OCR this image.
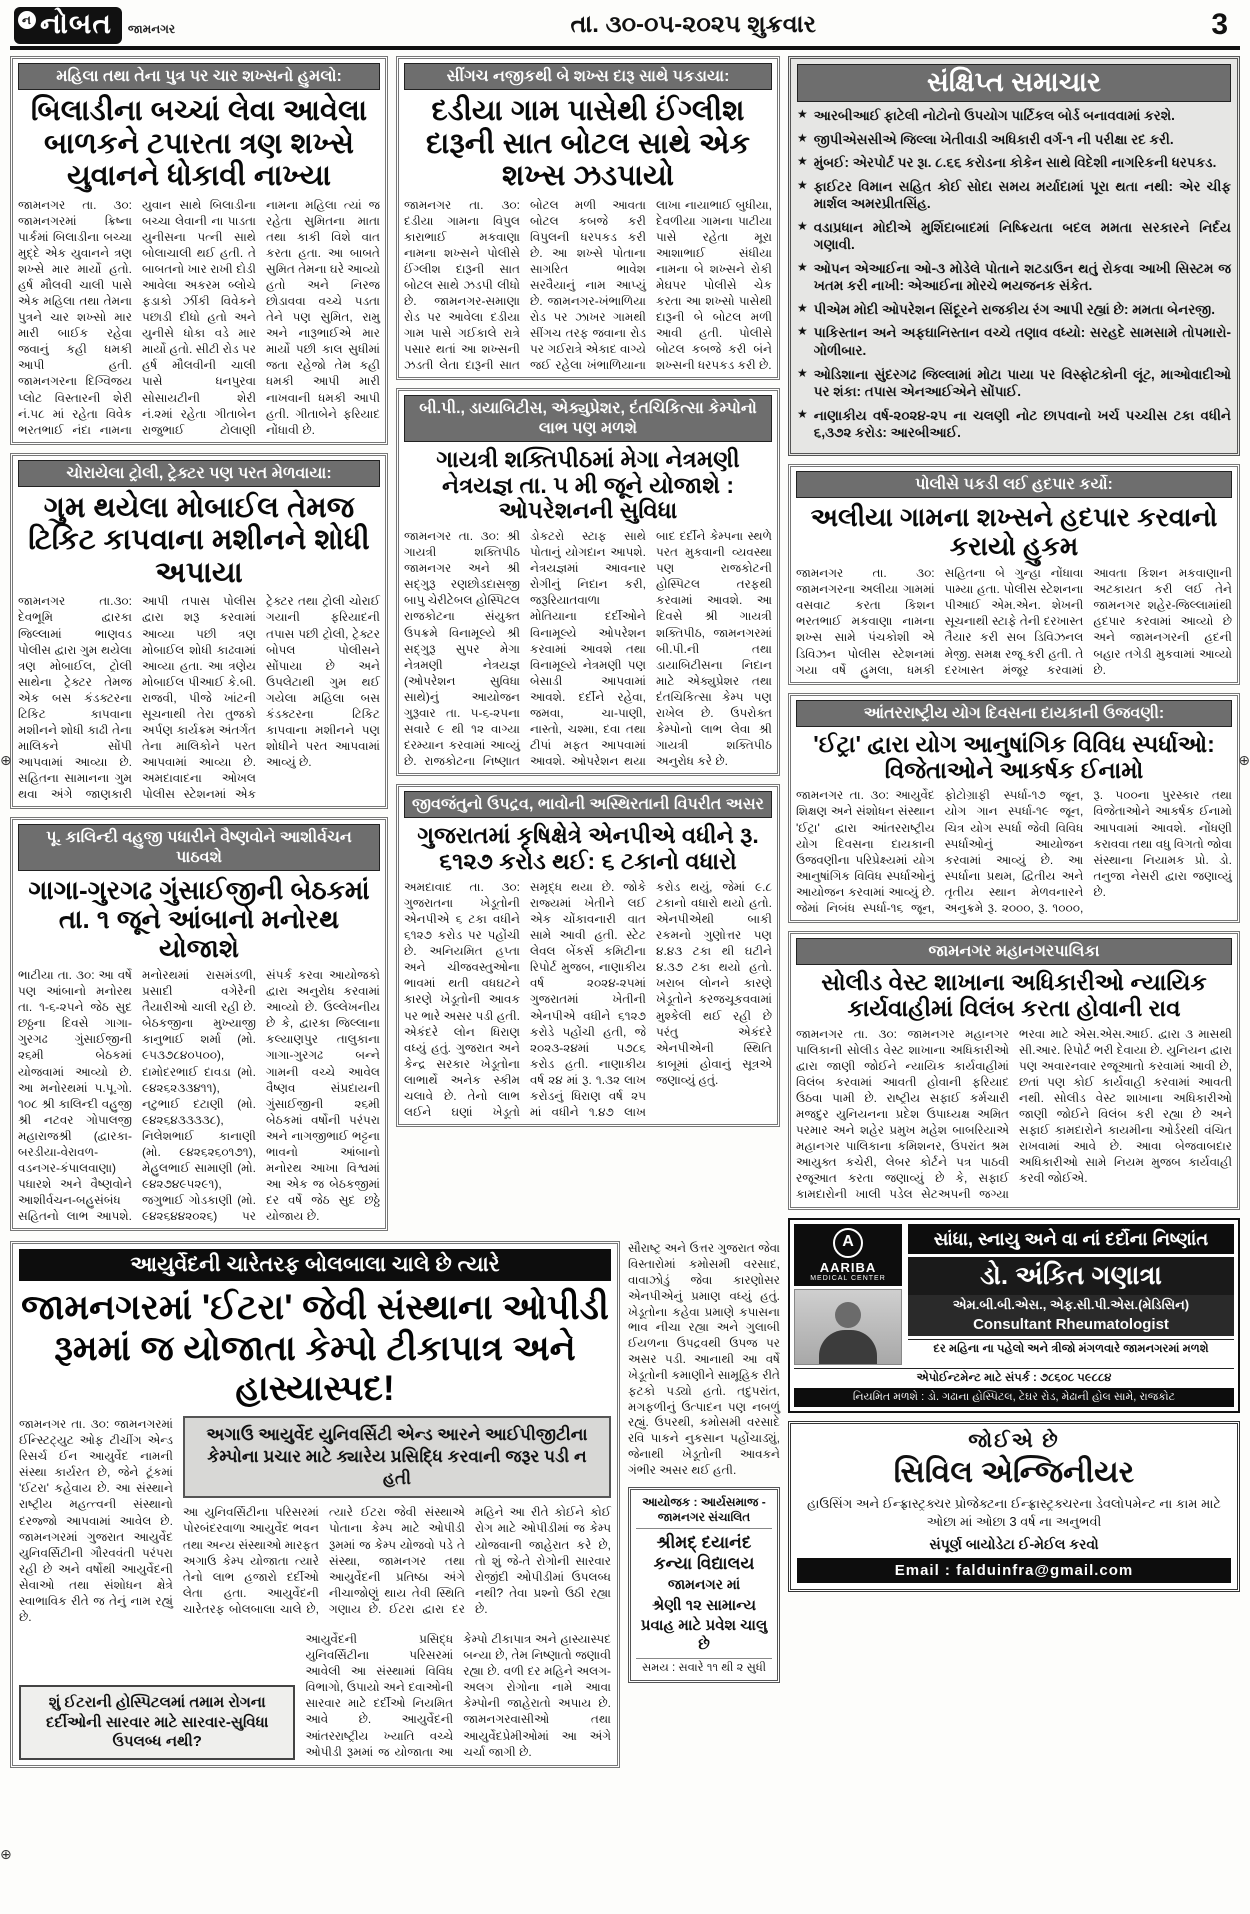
⊕	⊕
⊕
ન નોબત	જામનગર	તા. ૩૦-૦૫-૨૦૨૫ શુક્રવાર	3
મહિલા તથા તેના પુત્ર પર ચાર શખ્સનો હુમલો:
બિલાડીના બચ્ચાં લેવા આવેલા બાળકને ટપારતા ત્રણ શખ્સે યુવાનને ધોકાવી નાખ્યા
જામનગર તા. ૩૦: જામનગરમાં ક્રિષ્ના પાર્કમાં બિલાડીના બચ્ચા મુદ્દે એક યુવાનને ત્રણ શખ્સે માર માર્યો હતો. હર્ષ મૌલવી ચાલી પાસે એક મહિલા તથા તેમના પુત્રને ચાર શખ્સો માર મારી બાઈક રહેવા જવાનું કહી ધમકી આપી હતી. જામનગરના દિગ્વિજય પ્લોટ વિસ્તારની શેરી નં.૫૮ માં રહેતા વિવેક ભરતભાઈ નંદા નામના યુવાન સાથે બિલાડીના બચ્ચા લેવાની ના પાડતા યુનીસના પત્ની સાથે બોલાચાલી થઈ હતી. તે બાબતનો ખાર રાખી દોડી આવેલા અકરમ બ્લોચે ફડાકો ઝીંકી વિવેકને પછાડી દીધો હતો અને યુનીસે ધોકા વડે માર માર્યો હતો. સીટી રોડ પર હર્ષ મૌલવીની ચાલી પાસે ધનપુરવા સોસાયટીની શેરી નં.૨માં રહેતા ગીતાબેન રાજુભાઈ ટોલાણી નામના મહિલા ત્યાં જ રહેતા સુમિતના માતા તથા કાકી વિશે વાત કરતા હતા. આ બાબતે સુમિત તેમના ઘરે આવ્યો હતો અને નિરજ છોડાવવા વચ્ચે પડતા તેને પણ સુમિત, રામુ અને નારૂભાઈએ માર માર્યો પછી કાલ સુધીમાં જતા રહેજો તેમ કહી ધમકી આપી મારી નાખવાની ધમકી આપી હતી. ગીતાબેને ફરિયાદ નોંધાવી છે.
ચોરાયેલા ટ્રોલી, ટ્રેક્ટર પણ પરત મેળવાયા:
ગુમ થયેલા મોબાઈલ તેમજ ટિકિટ કાપવાના મશીનને શોધી અપાયા
જામનગર તા.૩૦: દેવભૂમિ દ્વારકા જિલ્લામાં ભાણવડ પોલીસ દ્વારા ગુમ થયેલા ત્રણ મોબાઈલ, ટ્રોલી સાથેના ટ્રેક્ટર તેમજ એક બસ કંડક્ટરના ટિકિટ કાપવાના મશીનને શોધી કાઢી તેના માલિકને સોંપી આપવામાં આવ્યા છે. સહિતના સામાનના ગુમ થવા અંગે જાણકારી આપી તપાસ પોલીસ દ્વારા શરૂ કરવામાં આવ્યા પછી ત્રણ મોબાઈલ શોધી કાઢવામાં આવ્યા હતા. આ ત્રણેય મોબાઈલ પીઆઈ કે.બી. રાજવી, પીજે ખાંટની સૂચનાથી તેરા તુજકો અર્પણ કાર્યક્રમ અંતર્ગત તેના માલિકોને પરત આપવામાં આવ્યા છે. અમદાવાદના ઓખલ પોલીસ સ્ટેશનમાં એક ટ્રેક્ટર તથા ટ્રોલી ચોરાઈ ગયાની ફરિયાદની તપાસ પછી ટ્રોલી, ટ્રેક્ટર બોપલ પોલીસને સોંપાયા છે અને ઉપલેટાથી ગુમ થઈ ગયેલા મહિલા બસ કંડક્ટરના ટિકિટ કાપવાના મશીનને પણ શોધીને પરત આપવામાં આવ્યું છે.
પૂ. કાલિન્દી વહુજી પધારીને વૈષ્ણવોને આશીર્વચન પાઠવશે
ગાગા-ગુરગઢ ગુંસાઈજીની બેઠકમાં તા. ૧ જૂને આંબાનો મનોરથ યોજાશે
ભાટીયા તા. ૩૦: આ વર્ષે પણ આંબાનો મનોરથ તા. ૧-૬-૨૫ને જેઠ સુદ છઠ્ઠના દિવસે ગાગા-ગુરગઢ ગુંસાઈજીની ૨૬મી બેઠકમાં યોજવામાં આવ્યો છે. આ મનોરથમાં પ.પૂ.ગો. ૧૦૮ શ્રી કાલિન્દી વહુજી શ્રી નટવર ગોપાલજી મહારાજશ્રી (દ્વારકા-બરડીયા-વેરાવળ-વડનગર-કંપાલવાણા) પધારશે અને વૈષ્ણવોને આશીર્વચન-બહુસંબંધ સહિતનો લાભ આપશે. મનોરથમાં રાસમંડળી, પ્રસાદી વગેરેની તૈયારીઓ ચાલી રહી છે. બેઠકજીના મુખ્યાજી કાનુભાઈ શર્મા (મો. ૯૫૩૭૮૪૦૫૦૦), દામોદરભાઈ દાવડા (મો. ૯૪૨૬૨૩૩૪૧૧), નટુભાઈ દટાણી (મો. ૯૪૨૬૪૩૩૩૩૮), નિલેશભાઈ કાનાણી (મો. ૯૪૨૬૨૬૦૧૭૧), મેહુલભાઈ સામાણી (મો. ૯૪૨૭૪૯૫૨૯૧), જગુભાઈ ગોડકાણી (મો. ૯૪૨૬૪૪૨૦૨૬) પર સંપર્ક કરવા આયોજકો દ્વારા અનુરોધ કરવામાં આવ્યો છે. ઉલ્લેખનીય છે કે, દ્વારકા જિલ્લાના કલ્યાણપુર તાલુકાના ગાગા-ગુરગઢ બન્ને ગામની વચ્ચે આવેલ વૈષ્ણવ સંપ્રદાયની ગુંસાઈજીની ૨૬મી બેઠકમાં વર્ષોની પરંપરા અને નાગજીભાઈ ભટ્ટના ભાવનો આંબાનો મનોરથ આખા વિશ્વમાં આ એક જ બેઠકજીમાં દર વર્ષે જેઠ સુદ છઠ્ઠે યોજાય છે.
સીંગચ નજીકથી બે શખ્સ દારૂ સાથે પકડાયા:
દડીયા ગામ પાસેથી ઈંગ્લીશ દારૂની સાત બોટલ સાથે એક શખ્સ ઝડપાયો
જામનગર તા. ૩૦: દડીયા ગામના વિપુલ કારાભાઈ મકવાણા નામના શખ્સને પોલીસે ઈંગ્લીશ દારૂની સાત બોટલ સાથે ઝડપી લીધો છે. જામનગર-સમાણા રોડ પર આવેલા દડીયા ગામ પાસે ગઈકાલે રાત્રે પસાર થતાં આ શખ્સની ઝડતી લેતા દારૂની સાત બોટલ મળી આવતા બોટલ કબજે કરી વિપુલની ધરપકડ કરી છે. આ શખ્સે પોતાના સાગરિત ભાવેશ સરવૈયાનું નામ આપ્યું છે. જામનગર-ખંભાળિયા રોડ પર ઝાખર ગામથી સીંગચ તરફ જવાના રોડ પર ગઈરાત્રે એકાદ વાગ્યે જઈ રહેલા ખંભાળિયાના લાખા નાયાભાઈ બુધીયા, દેવળીયા ગામના પાટીયા પાસે રહેતા મૂરા આશાભાઈ સંધીયા નામના બે શખ્સને રોકી મેઘપર પોલીસે ચેક કરતા આ શખ્સો પાસેથી દારૂની બે બોટલ મળી આવી હતી. પોલીસે બોટલ કબજે કરી બંને શખ્સની ધરપકડ કરી છે.
બી.પી., ડાયાબિટીસ, એક્યુપ્રેશર, દંતચિકિત્સા કેમ્પોનો લાભ પણ મળશે
ગાયત્રી શક્તિપીઠમાં મેગા નેત્રમણી નેત્રયજ્ઞ તા. ૫ મી જૂને યોજાશે : ઓપરેશનની સુવિધા
જામનગર તા. ૩૦: શ્રી ગાયત્રી શક્તિપીઠ જામનગર અને શ્રી સદ્ગુરૂ રણછોડદાસજી બાપુ ચેરીટેબલ હોસ્પિટલ રાજકોટના સંયુક્ત ઉપક્રમે વિનામૂલ્યે શ્રી સદ્ગુરૂ સુપર મેગા નેત્રમણી નેત્રયજ્ઞ (ઓપરેશન સુવિધા સાથે)નું આયોજન ગુરૂવાર તા. ૫-૬-૨૫ના સવારે ૯ થી ૧૨ વાગ્યા દરમ્યાન કરવામાં આવ્યું છે. રાજકોટના નિષ્ણાત ડોકટરો સ્ટાફ સાથે પોતાનું યોગદાન આપશે. નેત્રયજ્ઞમાં આવનાર રોગીનું નિદાન કરી, જરૂરિયાતવાળા મોતિયાના દર્દીઓને વિનામૂલ્યે ઓપરેશન કરવામાં આવશે તથા વિનામૂલ્યે નેત્રમણી પણ બેસાડી આપવામાં આવશે. દર્દીને રહેવા, જમવા, ચા-પાણી, નાસ્તો, ચશ્મા, દવા તથા ટીપાં મફત આપવામાં આવશે. ઓપરેશન થયા બાદ દર્દીને કેમ્પના સ્થળે પરત મુકવાની વ્યવસ્થા પણ રાજકોટની હોસ્પિટલ તરફથી કરવામાં આવશે. આ દિવસે શ્રી ગાયત્રી શક્તિપીઠ, જામનગરમાં બી.પી.ની તથા ડાયાબિટીસના નિદાન માટે એક્યુપ્રેશર તથા દંતચિકિત્સા કેમ્પ પણ રાખેલ છે. ઉપરોક્ત કેમ્પોનો લાભ લેવા શ્રી ગાયત્રી શક્તિપીઠ અનુરોધ કરે છે.
જીવજંતુનો ઉપદ્રવ, ભાવોની અસ્થિરતાની વિપરીત અસર
ગુજરાતમાં કૃષિક્ષેત્રે એનપીએ વધીને રૂ. ૬૧૨૭ કરોડ થઈ: ૬ ટકાનો વધારો
અમદાવાદ તા. ૩૦: ગુજરાતના ખેડૂતોની એનપીએ ૬ ટકા વધીને ૬૧૨૭ કરોડ પર પહોંચી છે. અનિયમિત હપ્તા અને ચીજવસ્તુઓના ભાવમાં થતી વધઘટને કારણે ખેડૂતોની આવક પર ભારે અસર પડી હતી. એકંદરે લોન ધિરાણ વધ્યું હતું. ગુજરાત અને કેન્દ્ર સરકાર ખેડૂતોના લાભાર્થે અનેક સ્કીમ ચલાવે છે. તેનો લાભ લઈને ઘણાં ખેડૂતો સમૃદ્ધ થયા છે. જોકે રાજ્યમાં ખેતીને લઈ એક ચોંકાવનારી વાત સામે આવી હતી. સ્ટેટ લેવલ બેંકર્સ કમિટીના રિપોર્ટ મુજબ, નાણાકીય વર્ષ ૨૦૨૪-૨૫માં ગુજરાતમાં ખેતીની એનપીએ વધીને ૬૧૨૭ કરોડે પહોંચી હતી, જે ૨૦૨૩-૨૪માં ૫૭૮૬ કરોડ હતી. નાણાકીય વર્ષ ૨૪ માં રૂ. ૧.૩૨ લાખ કરોડનું ધિરાણ વર્ષ ૨૫ માં વધીને ૧.૪૭ લાખ કરોડ થયું, જેમાં ૯.૮ ટકાનો વધારો થયો હતો. એનપીએથી બાકી રકમનો ગુણોત્તર પણ ૪.૪૩ ટકા થી ઘટીને ૪.૩૭ ટકા થયો હતો. ખરાબ લોનને કારણે ખેડૂતોને કરજચૂકવવામાં મુશ્કેલી થઈ રહી છે પરંતુ એકંદરે એનપીએની સ્થિતિ કાબૂમાં હોવાનું સૂત્રએ જણાવ્યું હતું.
આયુર્વેદની ચારેતરફ બોલબાલા ચાલે છે ત્યારે
જામનગરમાં 'ઈટરા' જેવી સંસ્થાના ઓપીડી રૂમમાં જ યોજાતા કેમ્પો ટીકાપાત્ર અને હાસ્યાસ્પદ!
જામનગર તા. ૩૦: જામનગરમાં ઈન્સ્ટિટ્યુટ ઓફ ટીચીંગ એન્ડ રિસર્ચ ઈન આયુર્વેદ નામની સંસ્થા કાર્યરત છે, જેને ટૂંકમાં 'ઈટરા' કહેવાય છે. આ સંસ્થાને રાષ્ટ્રીય મહત્ત્વની સંસ્થાનો દરજ્જો આપવામાં આવેલ છે. જામનગરમાં ગુજરાત આયુર્વેદ યુનિવર્સિટીની ગૌરવવંતી પરંપરા રહી છે અને વર્ષોથી આયુર્વેદની સેવાઓ તથા સંશોધન ક્ષેત્રે સ્વાભાવિક રીતે જ તેનું નામ રહ્યું છે.
અગાઉ આયુર્વેદ યુનિવર્સિટી એન્ડ આરને આઈપીજીટીના કેમ્પોના પ્રચાર માટે ક્યારેય પ્રસિદ્ધિ કરવાની જરૂર પડી ન હતી
આ યુનિવર્સિટીના પરિસરમાં પોરબંદરવાળા આયુર્વેદ ભવન તથા અન્ય સંસ્થાઓ મારફત અગાઉ કેમ્પ યોજાતા ત્યારે તેનો લાભ હજારો દર્દીઓ લેતા હતા. આયુર્વેદની ચારેતરફ બોલબાલા ચાલે છે, ત્યારે ઈટરા જેવી સંસ્થાએ પોતાના કેમ્પ માટે ઓપીડી રૂમમાં જ કેમ્પ યોજવો પડે તે સંસ્થા, જામનગર તથા આયુર્વેદની પ્રતિષ્ઠા અંગે નીચાજોણું થાય તેવી સ્થિતિ ગણાય છે. ઈટરા દ્વારા દર મહિને આ રીતે કોઈને કોઈ રોગ માટે ઓપીડીમાં જ કેમ્પ યોજવાની જાહેરાત કરે છે, તો શું જે-તે રોગોની સારવાર રોજીંદી ઓપીડીમાં ઉપલબ્ધ નથી? તેવા પ્રશ્નો ઉઠી રહ્યા છે.
શું ઈટરાની હોસ્પિટલમાં તમામ રોગના દર્દીઓની સારવાર માટે સારવાર-સુવિધા ઉપલબ્ધ નથી?
આયુર્વેદની પ્રસિદ્ધ યુનિવર્સિટીના પરિસરમાં આવેલી આ સંસ્થામાં વિવિધ વિભાગો, ઉપાયો અને દવાઓની સારવાર માટે દર્દીઓ નિયમિત આવે છે. આયુર્વેદની આંતરરાષ્ટ્રીય ખ્યાતિ વચ્ચે ઓપીડી રૂમમાં જ યોજાતા આ કેમ્પો ટીકાપાત્ર અને હાસ્યાસ્પદ બન્યા છે, તેમ નિષ્ણાતો જણાવી રહ્યા છે. વળી દર મહિને અલગ-અલગ રોગોના નામે આવા કેમ્પોની જાહેરાતો અપાય છે. જામનગરવાસીઓ તથા આયુર્વેદપ્રેમીઓમાં આ અંગે ચર્ચા જાગી છે.
સૌરાષ્ટ્ર અને ઉત્તર ગુજરાત જેવા વિસ્તારોમાં કમોસમી વરસાદ, વાવાઝોડું જેવા કારણોસર એનપીએનું પ્રમાણ વધ્યું હતું. ખેડૂતોના કહેવા પ્રમાણે કપાસના ભાવ નીચા રહ્યા અને ગુલાબી ઈયળના ઉપદ્રવથી ઉપજ પર અસર પડી. આનાથી આ વર્ષે ખેડૂતોની કમાણીને સામૂહિક રીતે ફટકો પડ્યો હતો. તદુપરાંત, મગફળીનું ઉત્પાદન પણ નબળું રહ્યું. ઉપરથી, કમોસમી વરસાદે રવિ પાકને નુકસાન પહોંચાડ્યું, જેનાથી ખેડૂતોની આવકને ગંભીર અસર થઈ હતી.
આયોજક : આર્યસમાજ - જામનગર સંચાલિત
શ્રીમદ્ દયાનંદ કન્યા વિદ્યાલય
જામનગર માં
શ્રેણી ૧૨ સામાન્ય પ્રવાહ માટે પ્રવેશ ચાલુ છે
સમય : સવારે ૧૧ થી ૨ સુધી
સંક્ષિપ્ત સમાચાર
★ આરબીઆઈ ફાટેલી નોટોનો ઉપયોગ પાર્ટિકલ બોર્ડ બનાવવામાં કરશે.
★ જીપીએસસીએ જિલ્લા ખેતીવાડી અધિકારી વર્ગ-૧ ની પરીક્ષા રદ કરી.
★ મુંબઈ: એરપોર્ટ પર રૂા. ૮.૬૬ કરોડના કોકેન સાથે વિદેશી નાગરિકની ધરપકડ.
★ ફાઈટર વિમાન સહિત કોઈ સોદા સમય મર્યાદામાં પૂરા થતા નથી: એર ચીફ માર્શલ અમરપ્રીતસિંહ.
★ વડાપ્રધાન મોદીએ મુર્શિદાબાદમાં નિષ્ક્રિયતા બદલ મમતા સરકારને નિર્દય ગણાવી.
★ ઓપન એઆઈના ઓ-૩ મોડેલે પોતાને શટડાઉન થતું રોકવા આખી સિસ્ટમ જ ખતમ કરી નાખી: એઆઈના મોરચે ભયજનક સંકેત.
★ પીએમ મોદી ઓપરેશન સિંદૂરને રાજકીય રંગ આપી રહ્યાં છે: મમતા બેનરજી.
★ પાકિસ્તાન અને અફઘાનિસ્તાન વચ્ચે તણાવ વધ્યો: સરહદે સામસામે તોપમારો-ગોળીબાર.
★ ઓડિશાના સુંદરગઢ જિલ્લામાં મોટા પાયા પર વિસ્ફોટકોની લૂંટ, માઓવાદીઓ પર શંકા: તપાસ એનઆઈએને સોંપાઈ.
★ નાણાકીય વર્ષ-૨૦૨૪-૨૫ ના ચલણી નોટ છાપવાનો ખર્ચ પચ્ચીસ ટકા વધીને ૬,૩૭૨ કરોડ: આરબીઆઈ.
પોલીસે પકડી લઈ હદપાર કર્યો:
અલીયા ગામના શખ્સને હદપાર કરવાનો કરાયો હુકમ
જામનગર તા. ૩૦: જામનગરના અલીયા ગામમાં વસવાટ કરતા કિશન ભરતભાઈ મકવાણા નામના શખ્સ સામે પંચકોશી એ ડિવિઝન પોલીસ સ્ટેશનમાં ગયા વર્ષે હુમલા, ધમકી સહિતના બે ગુન્હા નોંધાવા પામ્યા હતા. પોલીસ સ્ટેશનના પીઆઈ એમ.એન. શેખની સૂચનાથી સ્ટાફે તેની દરખાસ્ત તૈયાર કરી સબ ડિવિઝનલ મેજી. સમક્ષ રજૂ કરી હતી. તે દરખાસ્ત મંજૂર કરવામાં આવતા કિશન મકવાણાની અટકાયત કરી લઈ તેને જામનગર શહેર-જિલ્લામાંથી હદપાર કરવામાં આવ્યો છે અને જામનગરની હદની બહાર તગેડી મુકવામાં આવ્યો છે.
આંતરરાષ્ટ્રીય યોગ દિવસના દાયકાની ઉજવણી:
'ઈટ્રા' દ્વારા યોગ આનુષાંગિક વિવિધ સ્પર્ધાઓ: વિજેતાઓને આકર્ષક ઈનામો
જામનગર તા. ૩૦: આયુર્વેદ શિક્ષણ અને સંશોધન સંસ્થાન 'ઈટ્રા' દ્વારા આંતરરાષ્ટ્રીય યોગ દિવસના દાયકાની ઉજવણીના પરિપ્રેક્ષ્યમાં યોગ આનુષાંગિક વિવિધ સ્પર્ધાઓનું આયોજન કરવામાં આવ્યું છે. જેમાં નિબંધ સ્પર્ધા-૧૬ જૂન, ફોટોગ્રાફી સ્પર્ધા-૧૭ જૂન, યોગ ગાન સ્પર્ધા-૧૯ જૂન, ચિત્ર યોગ સ્પર્ધા જેવી વિવિધ સ્પર્ધાઓનું આયોજન કરવામાં આવ્યું છે. આ સ્પર્ધાના પ્રથમ, દ્વિતીય અને તૃતીય સ્થાન મેળવનારને અનુક્રમે રૂ. ૨૦૦૦, રૂ. ૧૦૦૦, રૂ. ૫૦૦ના પુરસ્કાર તથા વિજેતાઓને આકર્ષક ઈનામો આપવામાં આવશે. નોંધણી કરાવવા તથા વધુ વિગતો જોવા સંસ્થાના નિયામક પ્રો. ડો. તનુજા નેસરી દ્વારા જણાવ્યું છે.
જામનગર મહાનગરપાલિકા
સોલીડ વેસ્ટ શાખાના અધિકારીઓ ન્યાયિક કાર્યવાહીમાં વિલંબ કરતા હોવાની રાવ
જામનગર તા. ૩૦: જામનગર મહાનગર પાલિકાની સોલીડ વેસ્ટ શાખાના અધિકારીઓ દ્વારા જાણી જોઈને ન્યાયિક કાર્યવાહીમાં વિલંબ કરવામાં આવતી હોવાની ફરિયાદ ઉઠવા પામી છે. રાષ્ટ્રીય સફાઈ કર્મચારી મજદુર યુનિયનના પ્રદેશ ઉપાધ્યક્ષ અમિત પરમાર અને શહેર પ્રમુખ મહેશ બાબરિયાએ મહાનગર પાલિકાના કમિશનર, ઉપરાંત શ્રમ આયુક્ત કચેરી, લેબર કોર્ટને પત્ર પાઠવી રજૂઆત કરતા જણાવ્યું છે કે, સફાઈ કામદારોની ખાલી પડેલ સેટઅપની જગ્યા ભરવા માટે એસ.એસ.આઈ. દ્વારા ૩ માસથી સી.આર. રિપોર્ટ ભરી દેવાયા છે. યુનિયન દ્વારા પણ અવારનવાર રજૂઆતો કરવામાં આવી છે, છતાં પણ કોઈ કાર્યવાહી કરવામાં આવતી નથી. સોલીડ વેસ્ટ શાખાના અધિકારીઓ જાણી જોઈને વિલંબ કરી રહ્યા છે અને સફાઈ કામદારોને કાયમીના ઓર્ડરથી વંચિત રાખવામાં આવે છે. આવા બેજવાબદાર અધિકારીઓ સામે નિયમ મુજબ કાર્યવાહી કરવી જોઈએ.
A
AARIBA
MEDICAL CENTER
સાંધા, સ્નાયુ અને વા નાં દર્દોના નિષ્ણાંત
ડો. અંકિત ગણાત્રા
એમ.બી.બી.એસ., એફ.સી.પી.એસ.(મેડિસિન)
Consultant Rheumatologist
દર મહિના ના પહેલો અને ત્રીજો મંગળવારે જામનગરમાં મળશે
એપોઈન્ટમેન્ટ માટે સંપર્ક : ૭૮૬૦૮ ૫૯૮૮૪
નિયમિત મળશે : ડો. ગઢાના હોસ્પિટલ, ટેઘર રોડ, મેઢાની હોલ સામે, રાજકોટ
જોઈએ છે
સિવિલ એન્જિનીયર
હાઉસિંગ અને ઈન્ફ્રાસ્ટ્રક્ચર પ્રોજેક્ટના ઈન્ફ્રાસ્ટ્રક્ચરના ડેવલોપમેન્ટ ના કામ માટે ઓછા માં ઓછા 3 વર્ષ ના અનુભવી
સંપૂર્ણ બાયોડેટા ઈ-મેઈલ કરવો
Email : falduinfra@gmail.com
